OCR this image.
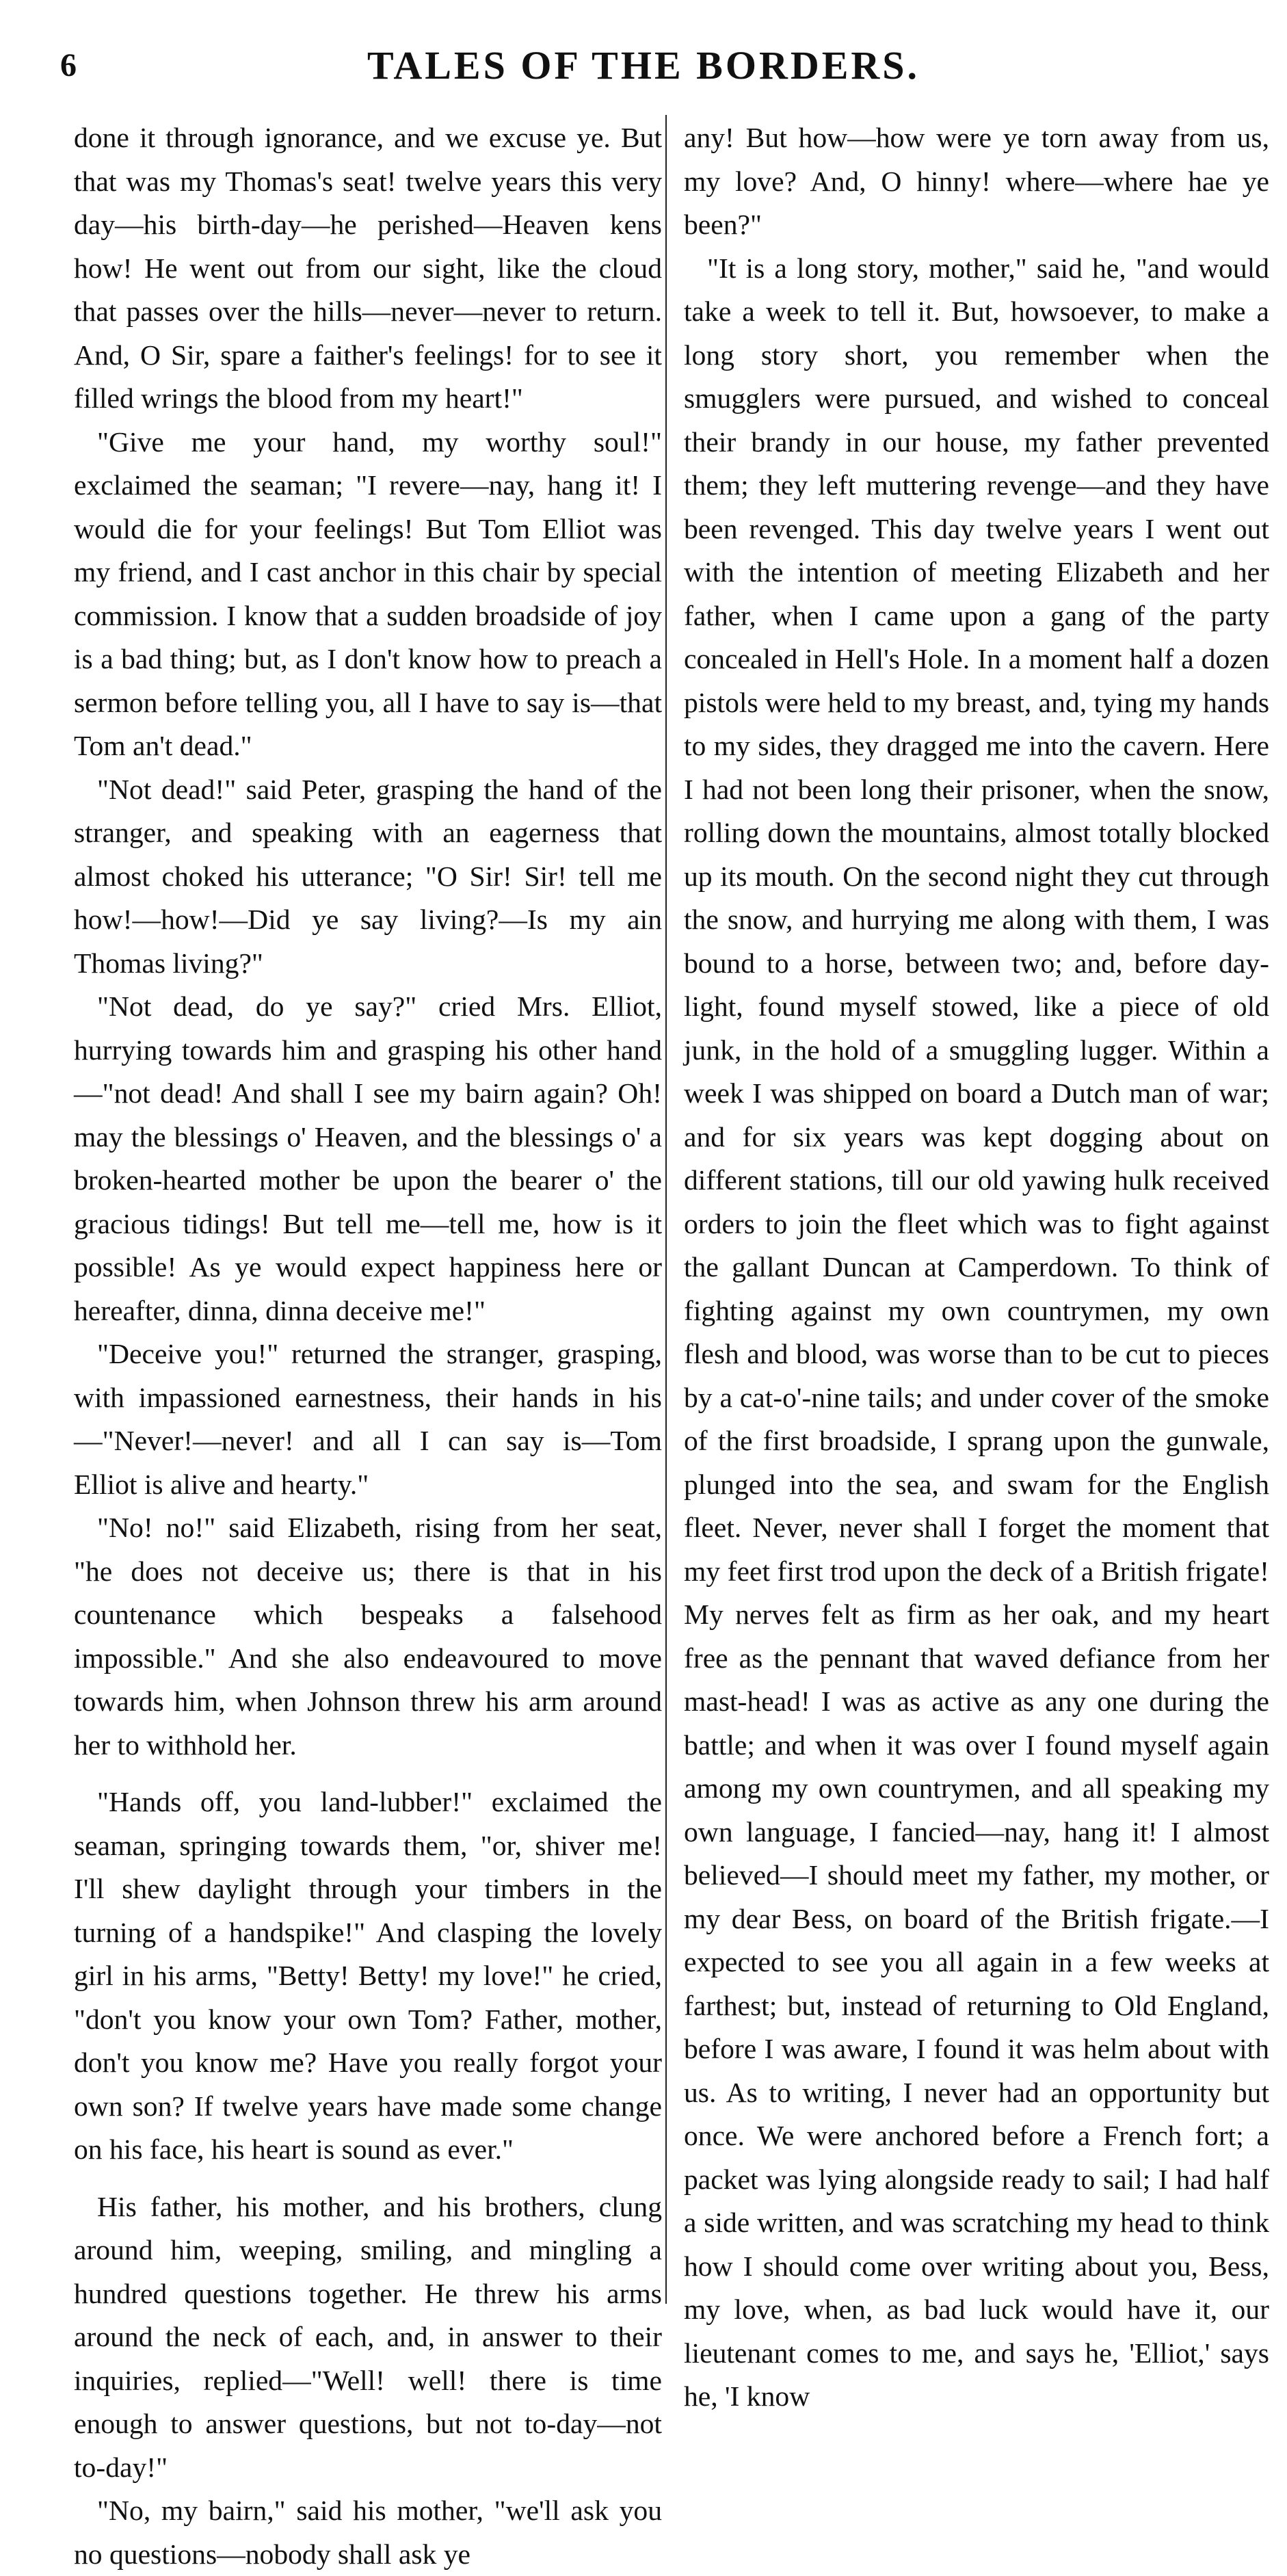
6	TALES OF THE BORDERS.

done it through ignorance, and we excuse ye. But that was my Thomas's seat! twelve years this very day—his birth-day—he perished—Heaven kens how! He went out from our sight, like the cloud that passes over the hills—never—never to return. And, O Sir, spare a faither's feelings! for to see it filled wrings the blood from my heart!"

"Give me your hand, my worthy soul!" exclaimed the seaman; "I revere—nay, hang it! I would die for your feelings! But Tom Elliot was my friend, and I cast anchor in this chair by special commission. I know that a sudden broadside of joy is a bad thing; but, as I don't know how to preach a sermon before telling you, all I have to say is—that Tom an't dead."

"Not dead!" said Peter, grasping the hand of the stranger, and speaking with an eagerness that almost choked his utterance; "O Sir! Sir! tell me how!—how!—Did ye say living?—Is my ain Thomas living?"

"Not dead, do ye say?" cried Mrs. Elliot, hurrying towards him and grasping his other hand—"not dead! And shall I see my bairn again? Oh! may the blessings o' Heaven, and the blessings o' a broken-hearted mother be upon the bearer o' the gracious tidings! But tell me—tell me, how is it possible! As ye would expect happiness here or hereafter, dinna, dinna deceive me!"

"Deceive you!" returned the stranger, grasping, with impassioned earnestness, their hands in his—"Never!—never! and all I can say is—Tom Elliot is alive and hearty."

"No! no!" said Elizabeth, rising from her seat, "he does not deceive us; there is that in his countenance which bespeaks a falsehood impossible." And she also endeavoured to move towards him, when Johnson threw his arm around her to withhold her.

"Hands off, you land-lubber!" exclaimed the seaman, springing towards them, "or, shiver me! I'll shew daylight through your timbers in the turning of a handspike!" And clasping the lovely girl in his arms, "Betty! Betty! my love!" he cried, "don't you know your own Tom? Father, mother, don't you know me? Have you really forgot your own son? If twelve years have made some change on his face, his heart is sound as ever."

His father, his mother, and his brothers, clung around him, weeping, smiling, and mingling a hundred questions together. He threw his arms around the neck of each, and, in answer to their inquiries, replied—"Well! well! there is time enough to answer questions, but not to-day—not to-day!"

"No, my bairn," said his mother, "we'll ask you no questions—nobody shall ask ye

any! But how—how were ye torn away from us, my love? And, O hinny! where—where hae ye been?"

"It is a long story, mother," said he, "and would take a week to tell it. But, howsoever, to make a long story short, you remember when the smugglers were pursued, and wished to conceal their brandy in our house, my father prevented them; they left muttering revenge—and they have been revenged. This day twelve years I went out with the intention of meeting Elizabeth and her father, when I came upon a gang of the party concealed in Hell's Hole. In a moment half a dozen pistols were held to my breast, and, tying my hands to my sides, they dragged me into the cavern. Here I had not been long their prisoner, when the snow, rolling down the mountains, almost totally blocked up its mouth. On the second night they cut through the snow, and hurrying me along with them, I was bound to a horse, between two; and, before day-light, found myself stowed, like a piece of old junk, in the hold of a smuggling lugger. Within a week I was shipped on board a Dutch man of war; and for six years was kept dogging about on different stations, till our old yawing hulk received orders to join the fleet which was to fight against the gallant Duncan at Camperdown. To think of fighting against my own countrymen, my own flesh and blood, was worse than to be cut to pieces by a cat-o'-nine tails; and under cover of the smoke of the first broadside, I sprang upon the gunwale, plunged into the sea, and swam for the English fleet. Never, never shall I forget the moment that my feet first trod upon the deck of a British frigate! My nerves felt as firm as her oak, and my heart free as the pennant that waved defiance from her mast-head! I was as active as any one during the battle; and when it was over I found myself again among my own countrymen, and all speaking my own language, I fancied—nay, hang it! I almost believed—I should meet my father, my mother, or my dear Bess, on board of the British frigate.—I expected to see you all again in a few weeks at farthest; but, instead of returning to Old England, before I was aware, I found it was helm about with us. As to writing, I never had an opportunity but once. We were anchored before a French fort; a packet was lying alongside ready to sail; I had half a side written, and was scratching my head to think how I should come over writing about you, Bess, my love, when, as bad luck would have it, our lieutenant comes to me, and says he, 'Elliot,' says he, 'I know
